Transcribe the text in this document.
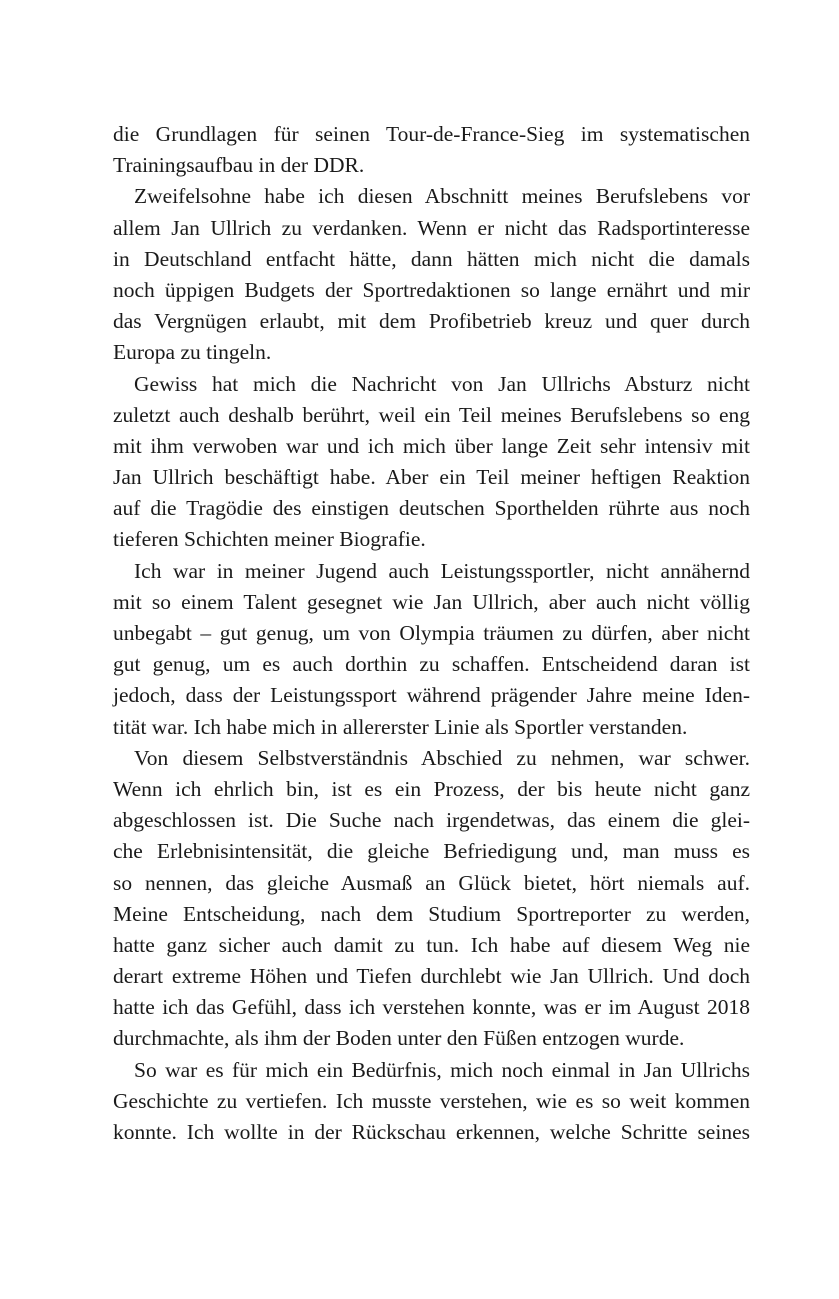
die Grundlagen für seinen Tour-de-France-Sieg im systematischen
Trainingsaufbau in der DDR.

Zweifelsohne habe ich diesen Abschnitt meines Berufslebens vor
allem Jan Ullrich zu verdanken. Wenn er nicht das Radsportinteresse
in Deutschland entfacht hätte, dann hätten mich nicht die damals
noch üppigen Budgets der Sportredaktionen so lange ernährt und mir
das Vergnügen erlaubt, mit dem Profibetrieb kreuz und quer durch
Europa zu tingeln.

Gewiss hat mich die Nachricht von Jan Ullrichs Absturz nicht
zuletzt auch deshalb berührt, weil ein Teil meines Berufslebens so eng
mit ihm verwoben war und ich mich über lange Zeit sehr intensiv mit
Jan Ullrich beschäftigt habe. Aber ein Teil meiner heftigen Reaktion
auf die Tragödie des einstigen deutschen Sporthelden rührte aus noch
tieferen Schichten meiner Biografie.

Ich war in meiner Jugend auch Leistungssportler, nicht annähernd
mit so einem Talent gesegnet wie Jan Ullrich, aber auch nicht völlig
unbegabt – gut genug, um von Olympia träumen zu dürfen, aber nicht
gut genug, um es auch dorthin zu schaffen. Entscheidend daran ist
jedoch, dass der Leistungssport während prägender Jahre meine Iden-
tität war. Ich habe mich in allererster Linie als Sportler verstanden.

Von diesem Selbstverständnis Abschied zu nehmen, war schwer.
Wenn ich ehrlich bin, ist es ein Prozess, der bis heute nicht ganz
abgeschlossen ist. Die Suche nach irgendetwas, das einem die glei-
che Erlebnisintensität, die gleiche Befriedigung und, man muss es
so nennen, das gleiche Ausmaß an Glück bietet, hört niemals auf.
Meine Entscheidung, nach dem Studium Sportreporter zu werden,
hatte ganz sicher auch damit zu tun. Ich habe auf diesem Weg nie
derart extreme Höhen und Tiefen durchlebt wie Jan Ullrich. Und doch
hatte ich das Gefühl, dass ich verstehen konnte, was er im August 2018
durchmachte, als ihm der Boden unter den Füßen entzogen wurde.

So war es für mich ein Bedürfnis, mich noch einmal in Jan Ullrichs
Geschichte zu vertiefen. Ich musste verstehen, wie es so weit kommen
konnte. Ich wollte in der Rückschau erkennen, welche Schritte seines
